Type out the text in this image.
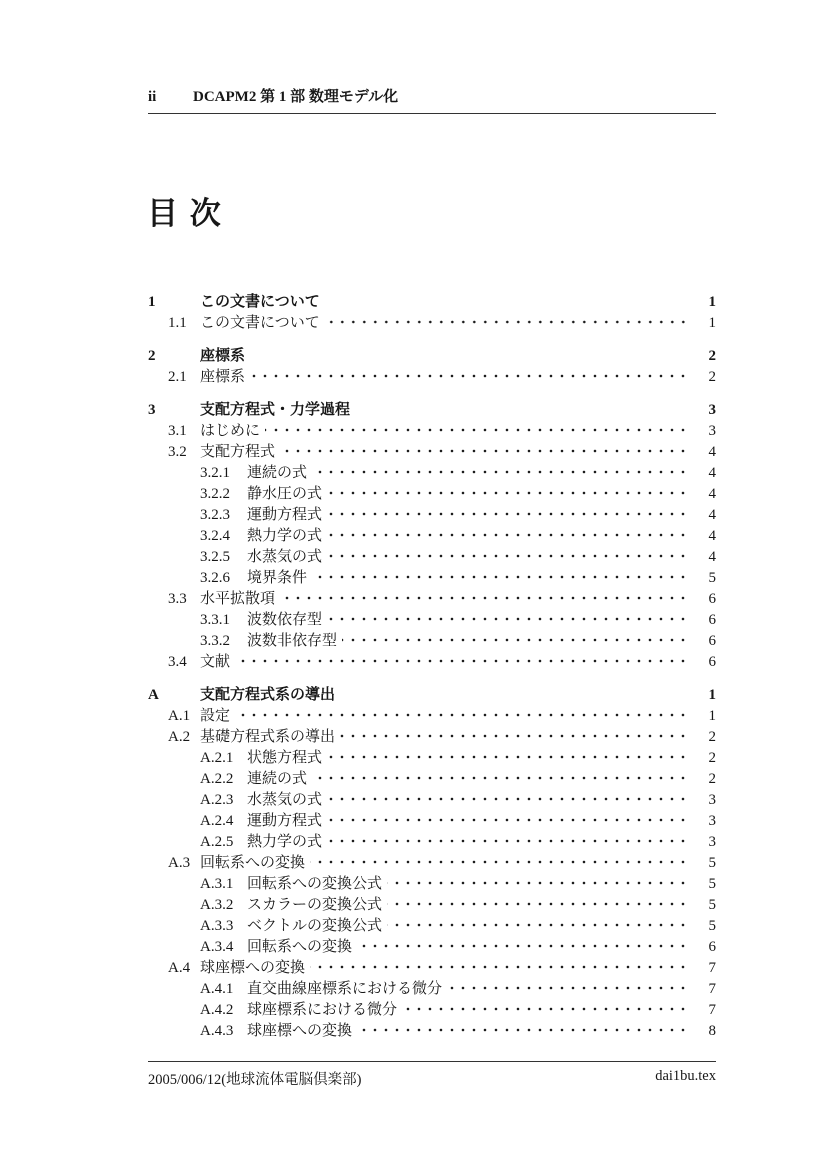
ii	DCAPM2 第 1 部 数理モデル化
目 次
1	この文書について	1
1.1 この文書について	1
2	座標系	2
2.1 座標系	2
3	支配方程式・力学過程	3
3.1 はじめに	3
3.2 支配方程式	4
3.2.1	連続の式	4
3.2.2	静水圧の式	4
3.2.3	運動方程式	4
3.2.4	熱力学の式	4
3.2.5	水蒸気の式	4
3.2.6	境界条件	5
3.3 水平拡散項	6
3.3.1	波数依存型	6
3.3.2	波数非依存型	6
3.4 文献	6
A	支配方程式系の導出	1
A.1 設定	1
A.2 基礎方程式系の導出	2
A.2.1 状態方程式	2
A.2.2 連続の式	2
A.2.3 水蒸気の式	3
A.2.4 運動方程式	3
A.2.5 熱力学の式	3
A.3 回転系への変換	5
A.3.1 回転系への変換公式	5
A.3.2 スカラーの変換公式	5
A.3.3 ベクトルの変換公式	5
A.3.4 回転系への変換	6
A.4 球座標への変換	7
A.4.1 直交曲線座標系における微分	7
A.4.2 球座標系における微分	7
A.4.3 球座標への変換	8
2005/006/12(地球流体電脳倶楽部)	dai1bu.tex
